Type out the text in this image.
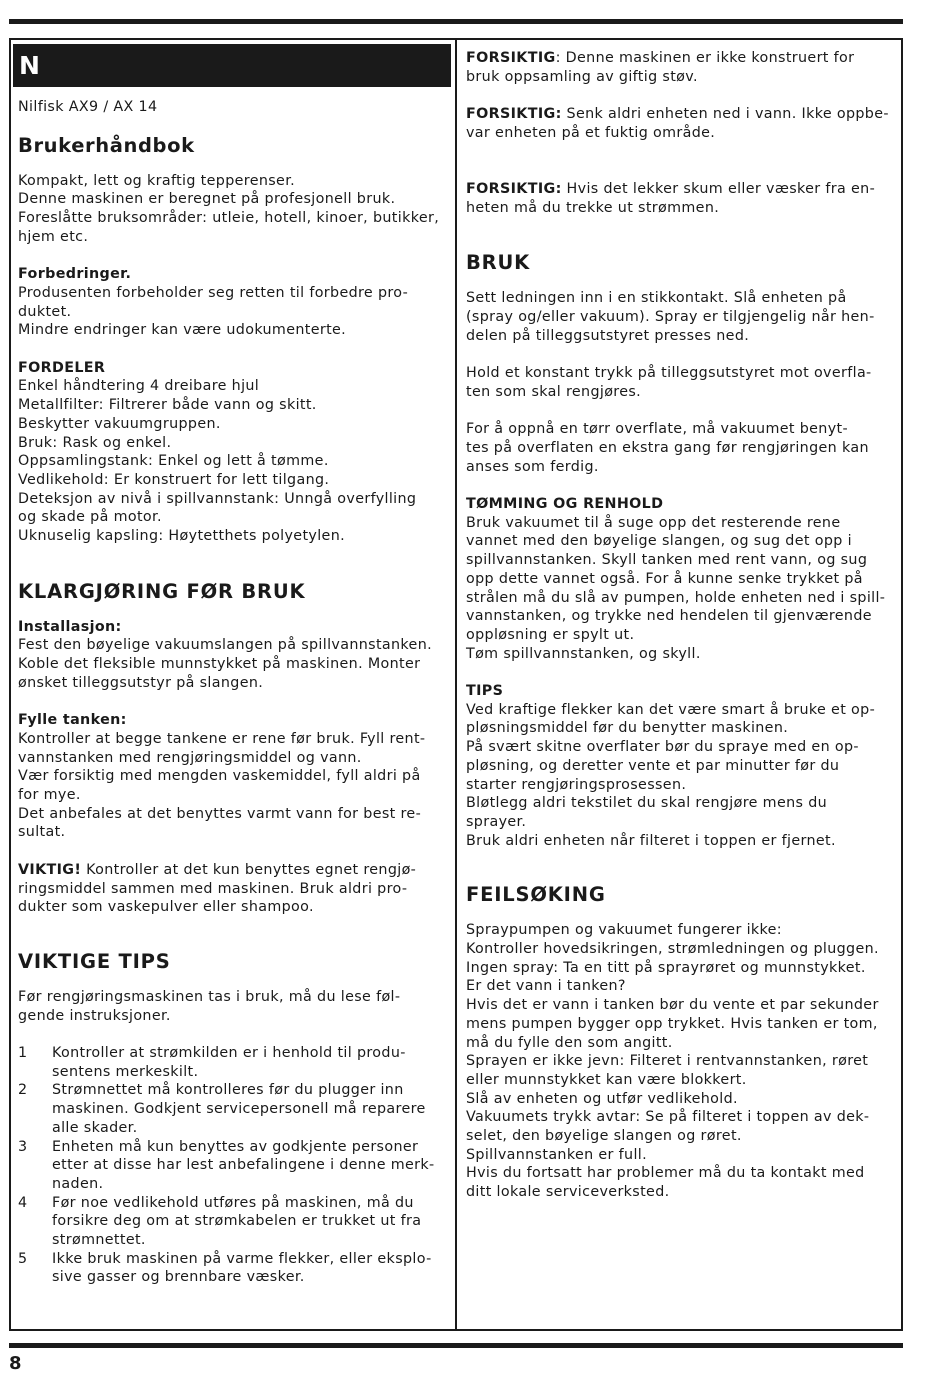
N

Nilfisk AX9 / AX 14

Brukerhåndbok

Kompakt, lett og kraftig tepperenser.
Denne maskinen er beregnet på profesjonell bruk.
Foreslåtte bruksområder: utleie, hotell, kinoer, butikker,
hjem etc.

Forbedringer.

Produsenten forbeholder seg retten til forbedre pro-
duktet.
Mindre endringer kan være udokumenterte.

FORDELER

Enkel håndtering 4 dreibare hjul
Metallfilter: Filtrerer både vann og skitt.
Beskytter vakuumgruppen.
Bruk: Rask og enkel.
Oppsamlingstank: Enkel og lett å tømme.
Vedlikehold: Er konstruert for lett tilgang.
Deteksjon av nivå i spillvannstank: Unngå overfylling
og skade på motor.
Uknuselig kapsling: Høytetthets polyetylen.

KLARGJØRING FØR BRUK
Installasjon:

Fest den bøyelige vakuumslangen på spillvannstanken.
Koble det fleksible munnstykket på maskinen. Monter
ønsket tilleggsutstyr på slangen.

Fylle tanken:

Kontroller at begge tankene er rene før bruk. Fyll rent-
vannstanken med rengjøringsmiddel og vann.
Vær forsiktig med mengden vaskemiddel, fyll aldri på
for mye.
Det anbefales at det benyttes varmt vann for best re-
sultat.

VIKTIG! Kontroller at det kun benyttes egnet rengjø-
ringsmiddel sammen med maskinen. Bruk aldri pro-
dukter som vaskepulver eller shampoo.

VIKTIGE TIPS

Før rengjøringsmaskinen tas i bruk, må du lese føl-
gende instruksjoner.

1	Kontroller at strømkilden er i henhold til produ-
sentens merkeskilt.
2	Strømnettet må kontrolleres før du plugger inn
maskinen. Godkjent servicepersonell må reparere
alle skader.
3	Enheten må kun benyttes av godkjente personer
etter at disse har lest anbefalingene i denne merk-
naden.
4	Før noe vedlikehold utføres på maskinen, må du
forsikre deg om at strømkabelen er trukket ut fra
strømnettet.
5	Ikke bruk maskinen på varme flekker, eller eksplo-
sive gasser og brennbare væsker.

FORSIKTIG: Denne maskinen er ikke konstruert for
bruk oppsamling av giftig støv.

FORSIKTIG: Senk aldri enheten ned i vann. Ikke oppbe-
var enheten på et fuktig område.

FORSIKTIG: Hvis det lekker skum eller væsker fra en-
heten må du trekke ut strømmen.

BRUK

Sett ledningen inn i en stikkontakt. Slå enheten på
(spray og/eller vakuum). Spray er tilgjengelig når hen-
delen på tilleggsutstyret presses ned.

Hold et konstant trykk på tilleggsutstyret mot overfla-
ten som skal rengjøres.

For å oppnå en tørr overflate, må vakuumet benyt-
tes på overflaten en ekstra gang før rengjøringen kan
anses som ferdig.

TØMMING OG RENHOLD

Bruk vakuumet til å suge opp det resterende rene
vannet med den bøyelige slangen, og sug det opp i
spillvannstanken. Skyll tanken med rent vann, og sug
opp dette vannet også. For å kunne senke trykket på
strålen må du slå av pumpen, holde enheten ned i spill-
vannstanken, og trykke ned hendelen til gjenværende
oppløsning er spylt ut.
Tøm spillvannstanken, og skyll.

TIPS

Ved kraftige flekker kan det være smart å bruke et op-
pløsningsmiddel før du benytter maskinen.
På svært skitne overflater bør du spraye med en op-
pløsning, og deretter vente et par minutter før du
starter rengjøringsprosessen.
Bløtlegg aldri tekstilet du skal rengjøre mens du
sprayer.
Bruk aldri enheten når filteret i toppen er fjernet.

FEILSØKING

Spraypumpen og vakuumet fungerer ikke:
Kontroller hovedsikringen, strømledningen og pluggen.
Ingen spray: Ta en titt på sprayrøret og munnstykket.
Er det vann i tanken?
Hvis det er vann i tanken bør du vente et par sekunder
mens pumpen bygger opp trykket. Hvis tanken er tom,
må du fylle den som angitt.
Sprayen er ikke jevn: Filteret i rentvannstanken, røret
eller munnstykket kan være blokkert.
Slå av enheten og utfør vedlikehold.
Vakuumets trykk avtar: Se på filteret i toppen av dek-
selet, den bøyelige slangen og røret.
Spillvannstanken er full.
Hvis du fortsatt har problemer må du ta kontakt med
ditt lokale serviceverksted.

8
